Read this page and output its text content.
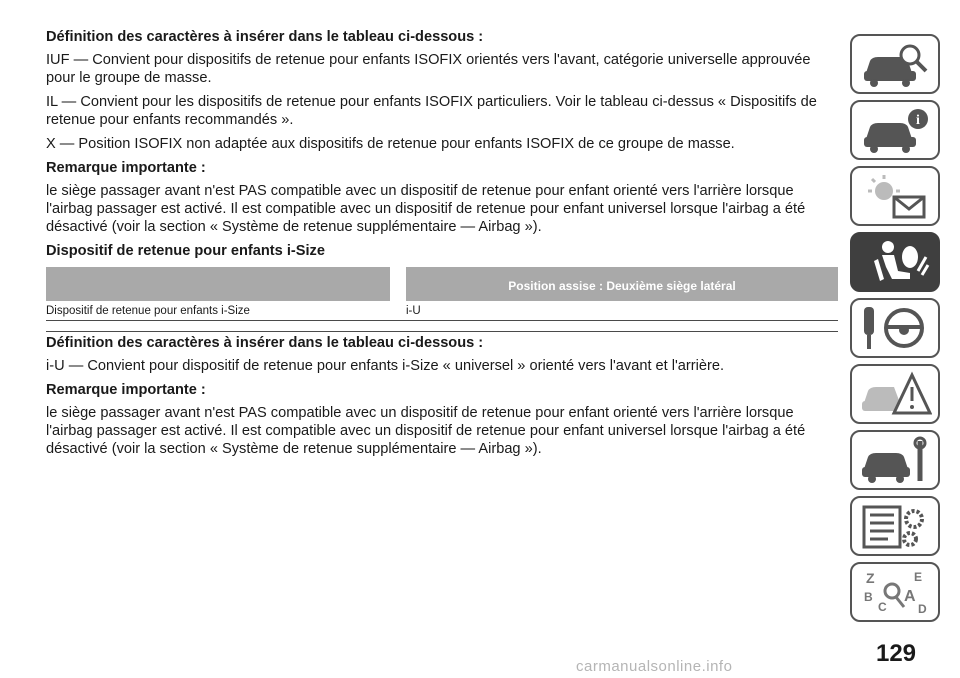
Définition des caractères à insérer dans le tableau ci-dessous :
IUF — Convient pour dispositifs de retenue pour enfants ISOFIX orientés vers l'avant, catégorie universelle approuvée pour le groupe de masse.
IL — Convient pour les dispositifs de retenue pour enfants ISOFIX particuliers. Voir le tableau ci-dessus « Dispositifs de retenue pour enfants recommandés ».
X — Position ISOFIX non adaptée aux dispositifs de retenue pour enfants ISOFIX de ce groupe de masse.
Remarque importante :
le siège passager avant n'est PAS compatible avec un dispositif de retenue pour enfant orienté vers l'arrière lorsque l'airbag passager est activé. Il est compatible avec un dispositif de retenue pour enfant universel lorsque l'airbag a été désactivé (voir la section « Système de retenue supplémentaire — Airbag »).
Dispositif de retenue pour enfants i-Size

		Position assise : Deuxième siège latéral

Dispositif de retenue pour enfants i-Size		i-U
Définition des caractères à insérer dans le tableau ci-dessous :
i-U — Convient pour dispositif de retenue pour enfants i-Size « universel » orienté vers l'avant et l'arrière.
Remarque importante :
le siège passager avant n'est PAS compatible avec un dispositif de retenue pour enfant orienté vers l'arrière lorsque l'airbag passager est activé. Il est compatible avec un dispositif de retenue pour enfant universel lorsque l'airbag a été désactivé (voir la section « Système de retenue supplémentaire — Airbag »).
i
Z	E
B A
C	D
129
carmanualsonline.info
